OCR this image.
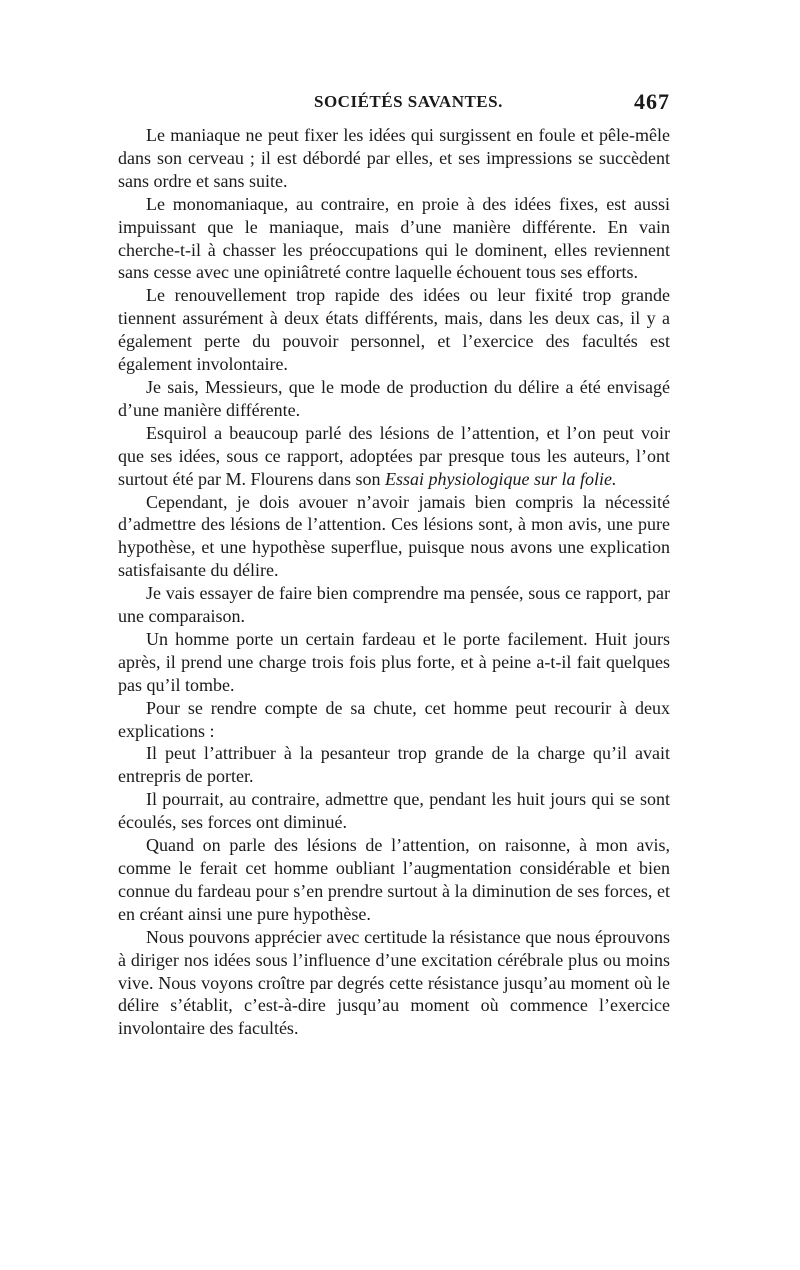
SOCIÉTÉS SAVANTES.	467

Le maniaque ne peut fixer les idées qui surgissent en foule et pêle-mêle dans son cerveau ; il est débordé par elles, et ses impressions se succèdent sans ordre et sans suite.

Le monomaniaque, au contraire, en proie à des idées fixes, est aussi impuissant que le maniaque, mais d’une manière différente. En vain cherche-t-il à chasser les préoccupations qui le dominent, elles reviennent sans cesse avec une opiniâtreté contre laquelle échouent tous ses efforts.

Le renouvellement trop rapide des idées ou leur fixité trop grande tiennent assurément à deux états différents, mais, dans les deux cas, il y a également perte du pouvoir personnel, et l’exercice des facultés est également involontaire.

Je sais, Messieurs, que le mode de production du délire a été envisagé d’une manière différente.

Esquirol a beaucoup parlé des lésions de l’attention, et l’on peut voir que ses idées, sous ce rapport, adoptées par presque tous les auteurs, l’ont surtout été par M. Flourens dans son Essai physiologique sur la folie.

Cependant, je dois avouer n’avoir jamais bien compris la nécessité d’admettre des lésions de l’attention. Ces lésions sont, à mon avis, une pure hypothèse, et une hypothèse superflue, puisque nous avons une explication satisfaisante du délire.

Je vais essayer de faire bien comprendre ma pensée, sous ce rapport, par une comparaison.

Un homme porte un certain fardeau et le porte facilement. Huit jours après, il prend une charge trois fois plus forte, et à peine a-t-il fait quelques pas qu’il tombe.

Pour se rendre compte de sa chute, cet homme peut recourir à deux explications :

Il peut l’attribuer à la pesanteur trop grande de la charge qu’il avait entrepris de porter.

Il pourrait, au contraire, admettre que, pendant les huit jours qui se sont écoulés, ses forces ont diminué.

Quand on parle des lésions de l’attention, on raisonne, à mon avis, comme le ferait cet homme oubliant l’augmentation considérable et bien connue du fardeau pour s’en prendre surtout à la diminution de ses forces, et en créant ainsi une pure hypothèse.

Nous pouvons apprécier avec certitude la résistance que nous éprouvons à diriger nos idées sous l’influence d’une excitation cérébrale plus ou moins vive. Nous voyons croître par degrés cette résistance jusqu’au moment où le délire s’établit, c’est-à-dire jusqu’au moment où commence l’exercice involontaire des facultés.
